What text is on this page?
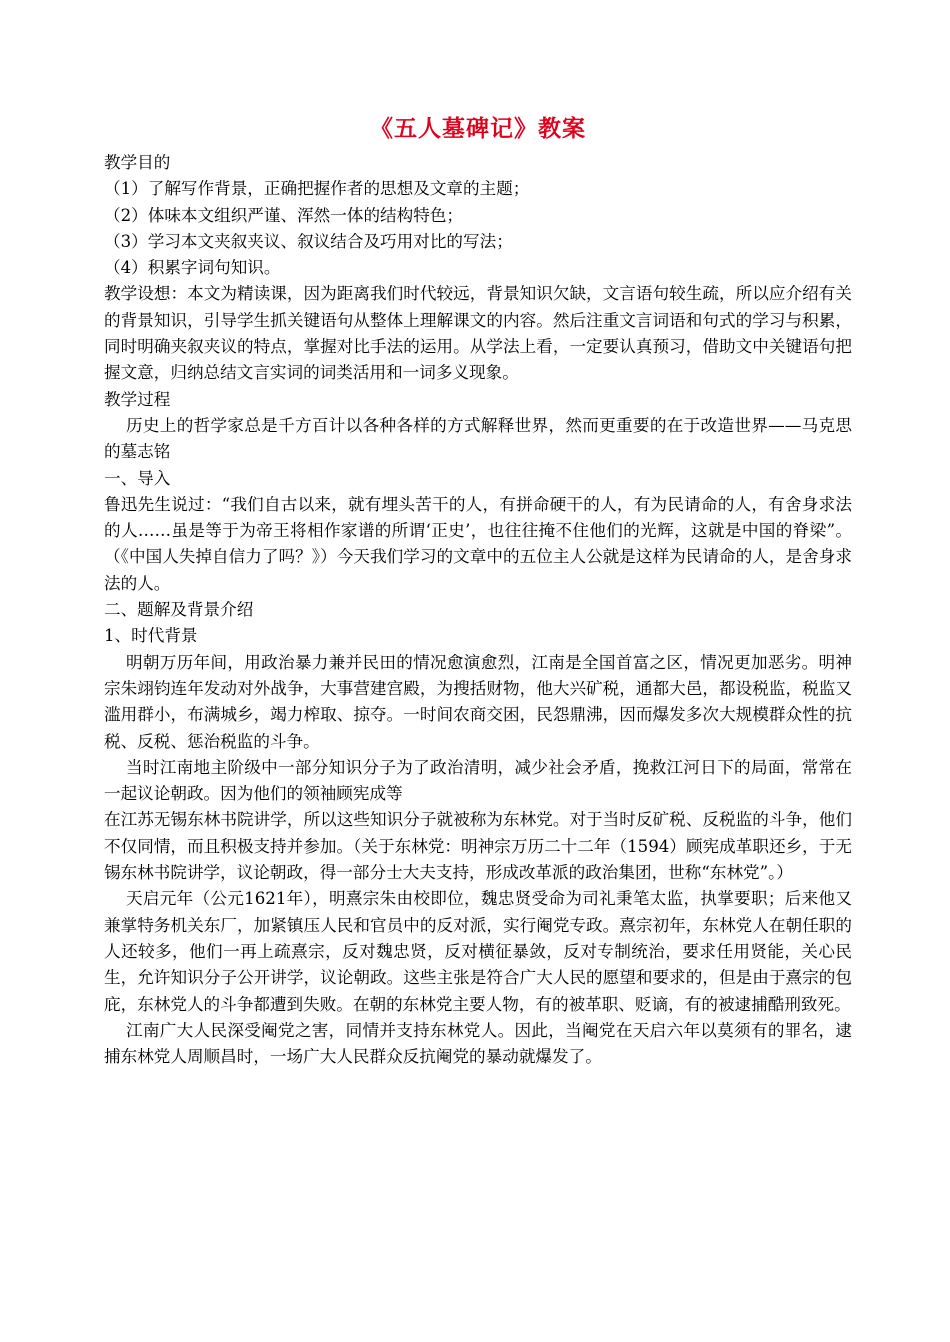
《五人墓碑记》教案

教学目的

（1）了解写作背景，正确把握作者的思想及文章的主题；

（2）体味本文组织严谨、浑然一体的结构特色；

（3）学习本文夹叙夹议、叙议结合及巧用对比的写法；

（4）积累字词句知识。

教学设想：本文为精读课，因为距离我们时代较远，背景知识欠缺，文言语句较生疏，所以应介绍有关的背景知识，引导学生抓关键语句从整体上理解课文的内容。然后注重文言词语和句式的学习与积累，同时明确夹叙夹议的特点，掌握对比手法的运用。从学法上看，一定要认真预习，借助文中关键语句把握文意，归纳总结文言实词的词类活用和一词多义现象。

教学过程

历史上的哲学家总是千方百计以各种各样的方式解释世界，然而更重要的在于改造世界——马克思的墓志铭

一、导入

鲁迅先生说过：“我们自古以来，就有埋头苦干的人，有拼命硬干的人，有为民请命的人，有舍身求法的人……虽是等于为帝王将相作家谱的所谓‘正史’，也往往掩不住他们的光辉，这就是中国的脊梁”。（《中国人失掉自信力了吗？》）今天我们学习的文章中的五位主人公就是这样为民请命的人，是舍身求法的人。

二、题解及背景介绍

1、时代背景

明朝万历年间，用政治暴力兼并民田的情况愈演愈烈，江南是全国首富之区，情况更加恶劣。明神宗朱翊钧连年发动对外战争，大事营建宫殿，为搜括财物，他大兴矿税，通都大邑，都设税监，税监又滥用群小，布满城乡，竭力榨取、掠夺。一时间农商交困，民怨鼎沸，因而爆发多次大规模群众性的抗税、反税、惩治税监的斗争。

当时江南地主阶级中一部分知识分子为了政治清明，减少社会矛盾，挽救江河日下的局面，常常在一起议论朝政。因为他们的领袖顾宪成等

在江苏无锡东林书院讲学，所以这些知识分子就被称为东林党。对于当时反矿税、反税监的斗争，他们不仅同情，而且积极支持并参加。（关于东林党：明神宗万历二十二年（1594）顾宪成革职还乡，于无锡东林书院讲学，议论朝政，得一部分士大夫支持，形成改革派的政治集团，世称“东林党”。）

天启元年（公元1621年），明熹宗朱由校即位，魏忠贤受命为司礼秉笔太监，执掌要职；后来他又兼掌特务机关东厂，加紧镇压人民和官员中的反对派，实行阉党专政。熹宗初年，东林党人在朝任职的人还较多，他们一再上疏熹宗，反对魏忠贤，反对横征暴敛，反对专制统治，要求任用贤能，关心民生，允许知识分子公开讲学，议论朝政。这些主张是符合广大人民的愿望和要求的，但是由于熹宗的包庇，东林党人的斗争都遭到失败。在朝的东林党主要人物，有的被革职、贬谪，有的被逮捕酷刑致死。

江南广大人民深受阉党之害，同情并支持东林党人。因此，当阉党在天启六年以莫须有的罪名，逮捕东林党人周顺昌时，一场广大人民群众反抗阉党的暴动就爆发了。
